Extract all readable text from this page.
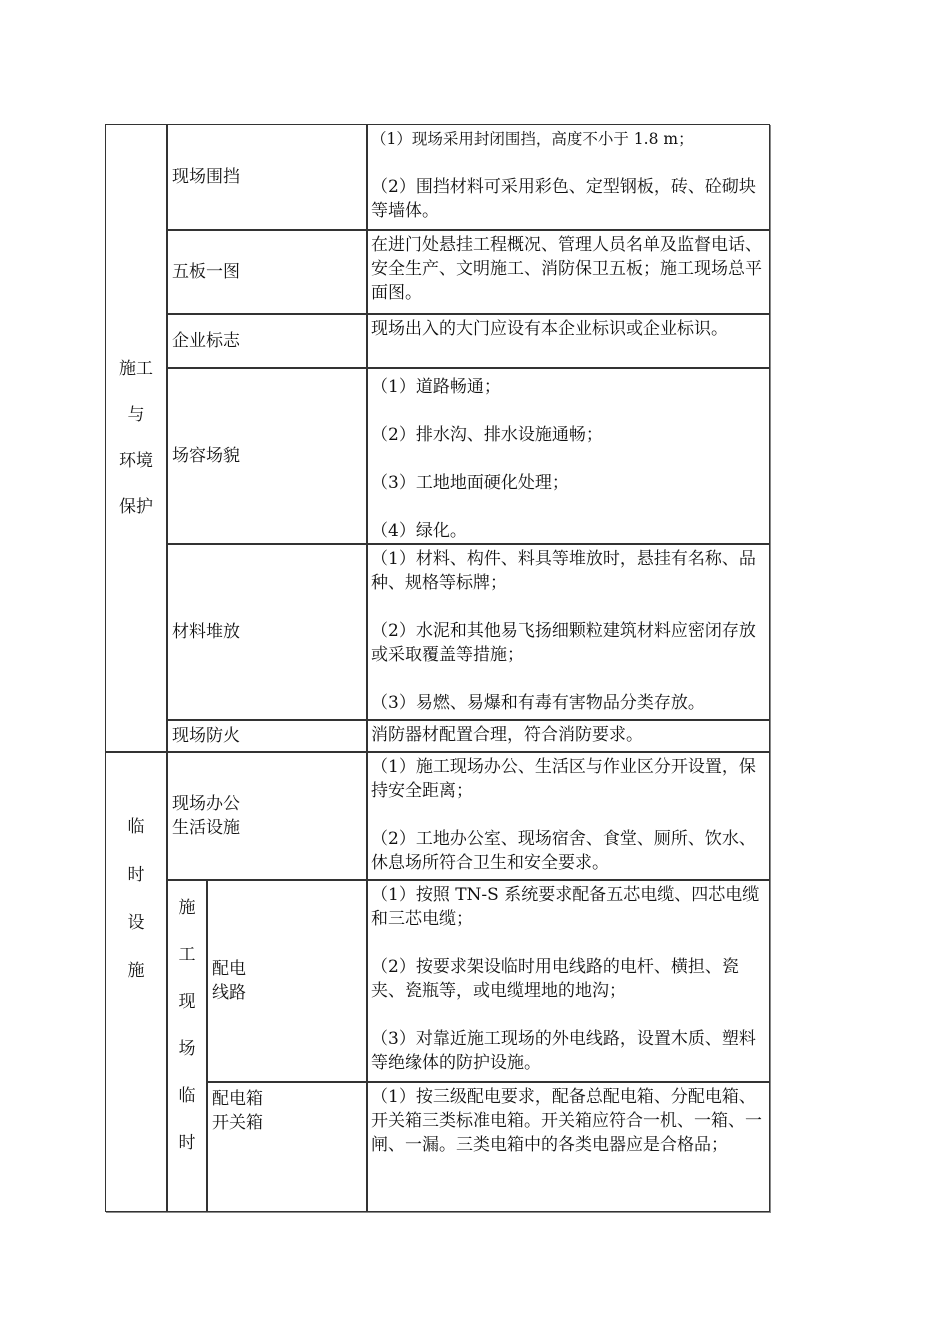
施工
与
环境
保护
现场围挡

（1）现场采用封闭围挡，高度不小于 1.8 m；

（2）围挡材料可采用彩色、定型钢板，砖、砼砌块等墙体。

五板一图

在进门处悬挂工程概况、管理人员名单及监督电话、安全生产、文明施工、消防保卫五板；施工现场总平面图。

企业标志

现场出入的大门应设有本企业标识或企业标识。

场容场貌

（1）道路畅通；

（2）排水沟、排水设施通畅；

（3）工地地面硬化处理；

（4）绿化。

材料堆放

（1）材料、构件、料具等堆放时，悬挂有名称、品种、规格等标牌；

（2）水泥和其他易飞扬细颗粒建筑材料应密闭存放或采取覆盖等措施；

（3）易燃、易爆和有毒有害物品分类存放。

现场防火	消防器材配置合理，符合消防要求。

临
时
设
施
现场办公
生活设施

（1）施工现场办公、生活区与作业区分开设置，保持安全距离；

（2）工地办公室、现场宿舍、食堂、厕所、饮水、休息场所符合卫生和安全要求。

施
工
现
场
临
时
配电
线路

（1）按照 TN-S 系统要求配备五芯电缆、四芯电缆和三芯电缆；

（2）按要求架设临时用电线路的电杆、横担、瓷夹、瓷瓶等，或电缆埋地的地沟；

（3）对靠近施工现场的外电线路，设置木质、塑料等绝缘体的防护设施。

配电箱
开关箱

（1）按三级配电要求，配备总配电箱、分配电箱、开关箱三类标准电箱。开关箱应符合一机、一箱、一闸、一漏。三类电箱中的各类电器应是合格品；
